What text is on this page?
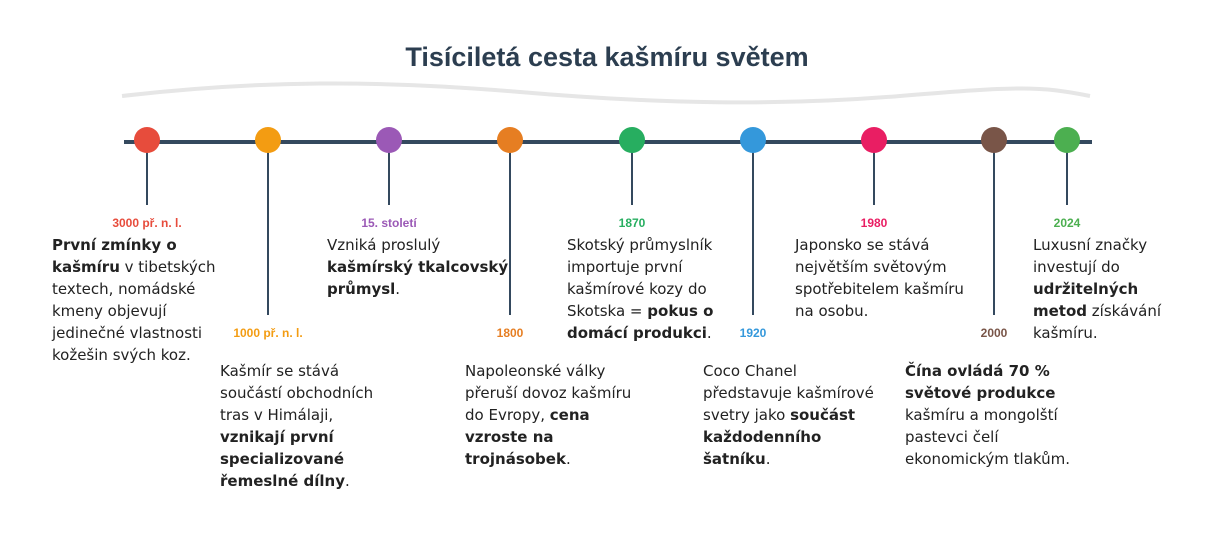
Tisíciletá cesta kašmíru světem
3000 př. n. l.
První zmínky o kašmíru v tibetských textech, nomádské kmeny objevují jedinečné vlastnosti kožešin svých koz.
1000 př. n. l.
Kašmír se stává součástí obchodních tras v Himálaji, vznikají první specializované řemeslné dílny.
15. století
Vzniká proslulý kašmírský tkalcovský průmysl.
1800
Napoleonské války přeruší dovoz kašmíru do Evropy, cena vzroste na trojnásobek.
1870
Skotský průmyslník importuje první kašmírové kozy do Skotska = pokus o domácí produkci.	1920
Coco Chanel představuje kašmírové svetry jako součást každodenního šatníku.
1980
Japonsko se stává největším světovým spotřebitelem kašmíru na osobu.
2000
Čína ovládá 70 % světové produkce kašmíru a mongolští pastevci čelí ekonomickým tlakům.
2024
Luxusní značky investují do udržitelných metod získávání kašmíru.
